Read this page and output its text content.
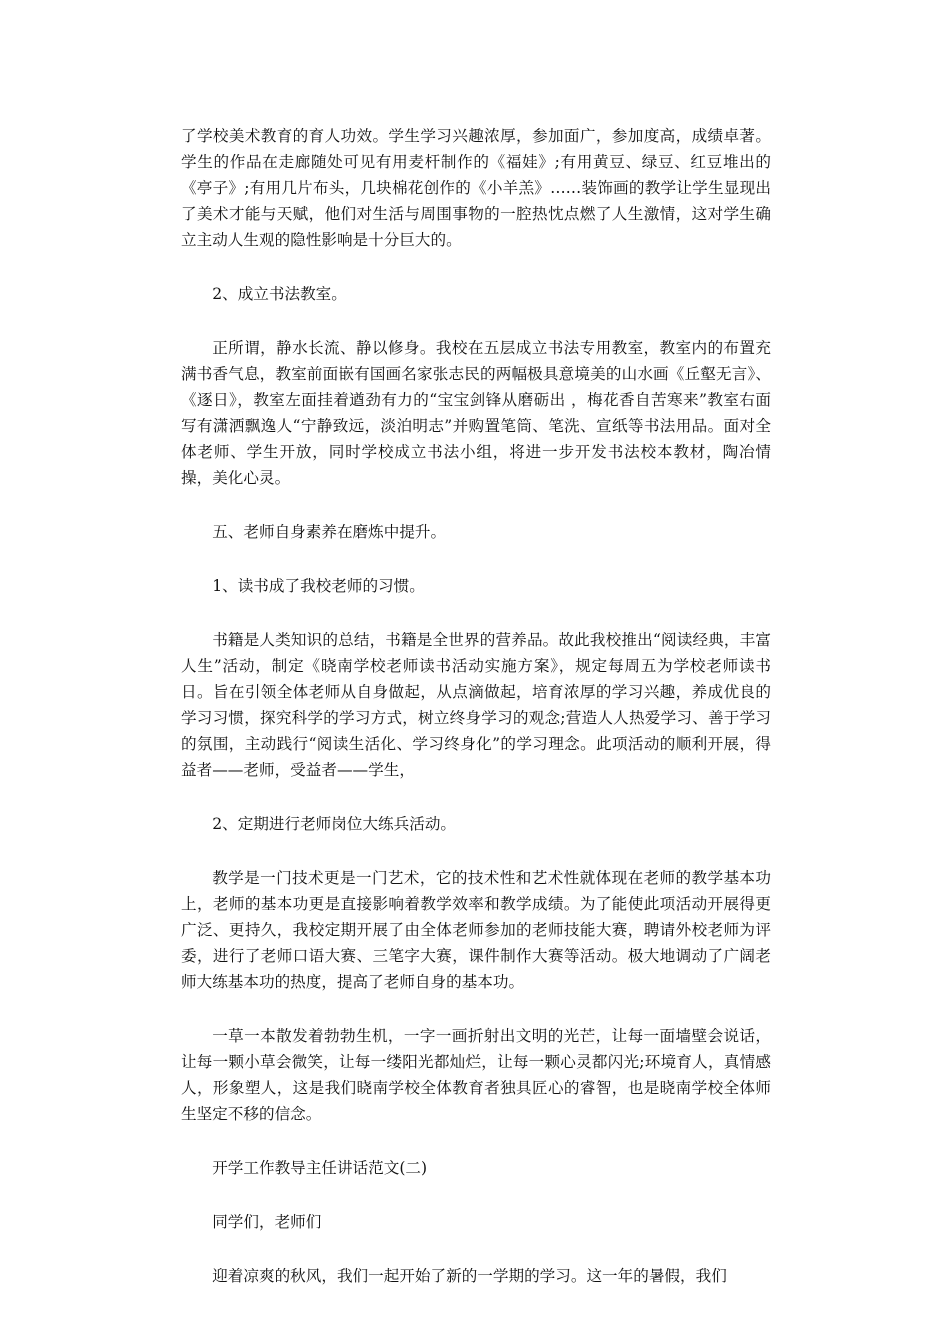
了学校美术教育的育人功效。学生学习兴趣浓厚，参加面广，参加度高，成绩卓著。学生的作品在走廊随处可见有用麦杆制作的《福娃》;有用黄豆、绿豆、红豆堆出的《亭子》;有用几片布头，几块棉花创作的《小羊羔》……装饰画的教学让学生显现出了美术才能与天赋，他们对生活与周围事物的一腔热忱点燃了人生激情，这对学生确立主动人生观的隐性影响是十分巨大的。

2、成立书法教室。

正所谓，静水长流、静以修身。我校在五层成立书法专用教室，教室内的布置充满书香气息，教室前面嵌有国画名家张志民的两幅极具意境美的山水画《丘壑无言》、《逐日》，教室左面挂着遒劲有力的“宝宝剑锋从磨砺出 ，梅花香自苦寒来”教室右面写有潇洒飘逸人“宁静致远，淡泊明志”并购置笔筒、笔洗、宣纸等书法用品。面对全体老师、学生开放，同时学校成立书法小组，将进一步开发书法校本教材，陶冶情操，美化心灵。

五、老师自身素养在磨炼中提升。

1、读书成了我校老师的习惯。

书籍是人类知识的总结，书籍是全世界的营养品。故此我校推出“阅读经典，丰富人生”活动，制定《晓南学校老师读书活动实施方案》，规定每周五为学校老师读书日。旨在引领全体老师从自身做起，从点滴做起，培育浓厚的学习兴趣，养成优良的学习习惯，探究科学的学习方式，树立终身学习的观念;营造人人热爱学习、善于学习的氛围，主动践行“阅读生活化、学习终身化”的学习理念。此项活动的顺利开展，得益者——老师，受益者——学生，

2、定期进行老师岗位大练兵活动。

教学是一门技术更是一门艺术，它的技术性和艺术性就体现在老师的教学基本功上，老师的基本功更是直接影响着教学效率和教学成绩。为了能使此项活动开展得更广泛、更持久，我校定期开展了由全体老师参加的老师技能大赛，聘请外校老师为评委，进行了老师口语大赛、三笔字大赛，课件制作大赛等活动。极大地调动了广阔老师大练基本功的热度，提高了老师自身的基本功。

一草一本散发着勃勃生机，一字一画折射出文明的光芒，让每一面墙壁会说话，让每一颗小草会微笑，让每一缕阳光都灿烂，让每一颗心灵都闪光;环境育人，真情感人，形象塑人，这是我们晓南学校全体教育者独具匠心的睿智，也是晓南学校全体师生坚定不移的信念。

开学工作教导主任讲话范文(二)

同学们，老师们

迎着凉爽的秋风，我们一起开始了新的一学期的学习。这一年的暑假，我们
